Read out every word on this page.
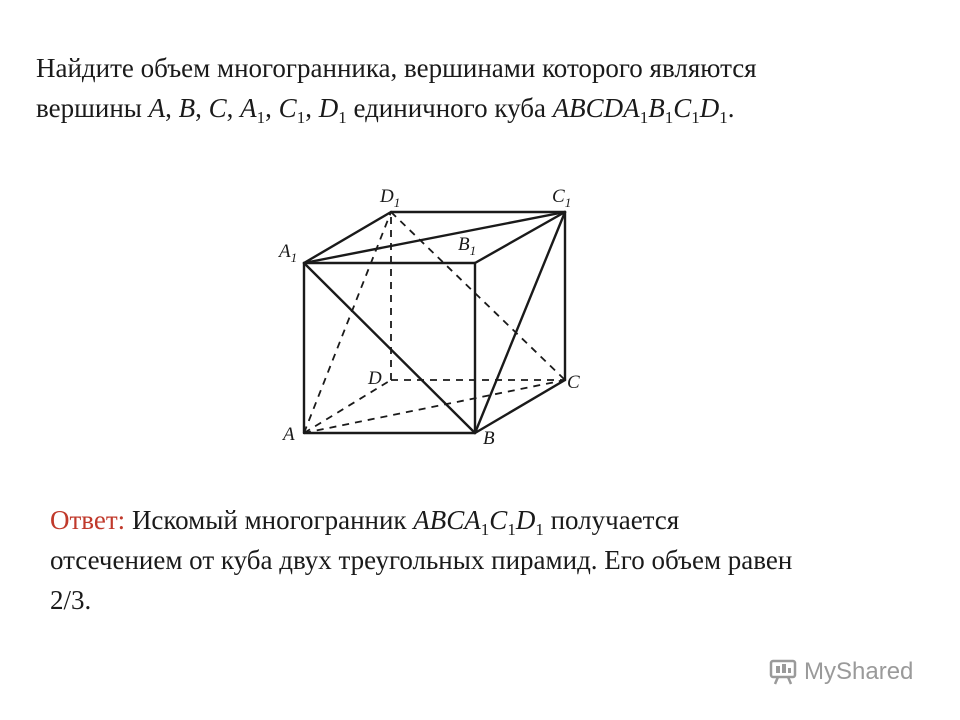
Найдите объем многогранника, вершинами которого являются
вершины A, B, C, $A_1$, $C_1$, $D_1$ единичного куба $ABCDA_1B_1C_1D_1$.
A	B
C
D
$A_1$
$B_1$
$C_1$
$D_1$
Ответ: Искомый многогранник $ABCA_1C_1D_1$ получается
отсечением от куба двух треугольных пирамид. Его объем равен
2/3.
MyShared
